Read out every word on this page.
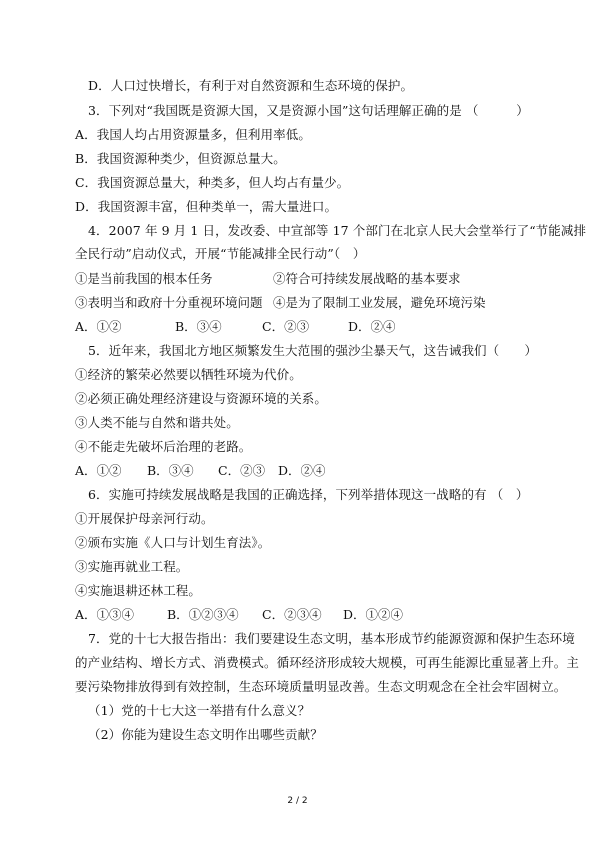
D．人口过快增长，有利于对自然资源和生态环境的保护。
3．下列对“我国既是资源大国，又是资源小国”这句话理解正确的是 （　　　）
A．我国人均占用资源量多，但利用率低。
B．我国资源种类少，但资源总量大。
C．我国资源总量大，种类多，但人均占有量少。
D．我国资源丰富，但种类单一，需大量进口。
4．2007 年 9 月 1 日，发改委、中宣部等 17 个部门在北京人民大会堂举行了“节能减排
全民行动”启动仪式，开展“节能减排全民行动”（　）
①是当前我国的根本任务	②符合可持续发展战略的基本要求
③表明当和政府十分重视环境问题 ④是为了限制工业发展，避免环境污染
A．①②	B．③④	C．②③	D．②④
5．近年来，我国北方地区频繁发生大范围的强沙尘暴天气，这告诫我们（　　）
①经济的繁荣必然要以牺牲环境为代价。
②必须正确处理经济建设与资源环境的关系。
③人类不能与自然和谐共处。
④不能走先破坏后治理的老路。
A．①② B．③④ C．②③ D．②④
6．实施可持续发展战略是我国的正确选择，下列举措体现这一战略的有 （　）
①开展保护母亲河行动。
②颁布实施《人口与计划生育法》。
③实施再就业工程。
④实施退耕还林工程。
A．①③④	B．①②③④ C．②③④ D．①②④
7．党的十七大报告指出：我们要建设生态文明，基本形成节约能源资源和保护生态环境
的产业结构、增长方式、消费模式。循环经济形成较大规模，可再生能源比重显著上升。主
要污染物排放得到有效控制，生态环境质量明显改善。生态文明观念在全社会牢固树立。
（1）党的十七大这一举措有什么意义？
（2）你能为建设生态文明作出哪些贡献？
2 / 2
